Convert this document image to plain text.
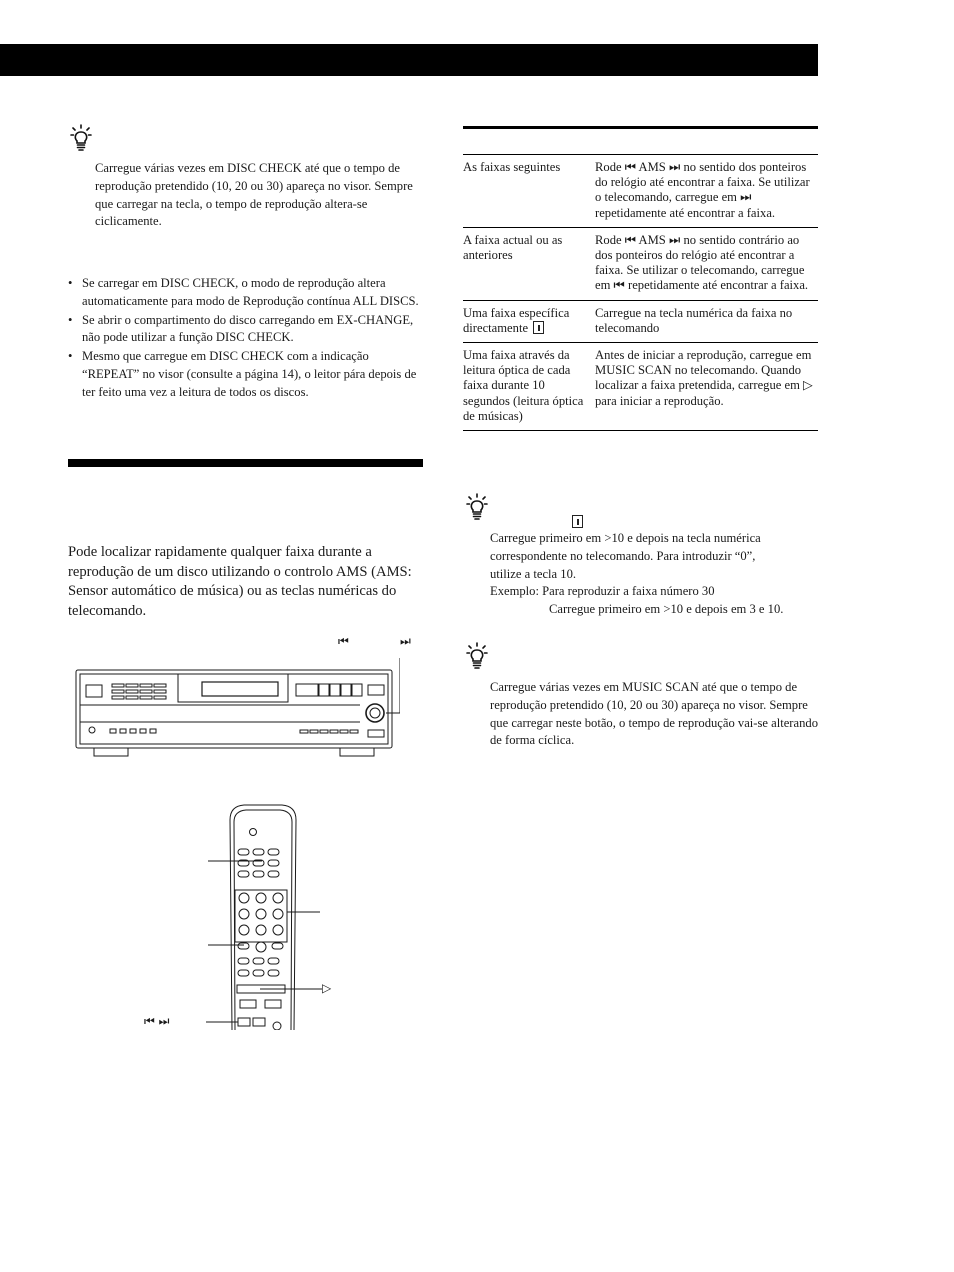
Carregue várias vezes em DISC CHECK até que o tempo de reprodução pretendido (10, 20 ou 30) apareça no visor. Sempre que carregar na tecla, o tempo de reprodução altera-se ciclicamente.
• Se carregar em DISC CHECK, o modo de reprodução altera automaticamente para modo de Reprodução contínua ALL DISCS.
• Se abrir o compartimento do disco carregando em EX-CHANGE, não pode utilizar a função DISC CHECK.
• Mesmo que carregue em DISC CHECK com a indicação “REPEAT” no visor (consulte a página 14), o leitor pára depois de ter feito uma vez a leitura de todos os discos.
Pode localizar rapidamente qualquer faixa durante a reprodução de um disco utilizando o controlo AMS (AMS: Sensor automático de música) ou as teclas numéricas do telecomando.
⏮	⏭
▷
⏮ ⏭
As faixas seguintes	Rode ⏮ AMS ⏭ no sentido dos ponteiros do relógio até encontrar a faixa. Se utilizar o telecomando, carregue em ⏭ repetidamente até encontrar a faixa.
A faixa actual ou as anteriores	Rode ⏮ AMS ⏭ no sentido contrário ao dos ponteiros do relógio até encontrar a faixa. Se utilizar o telecomando, carregue em ⏮ repetidamente até encontrar a faixa.
Uma faixa específica directamente	Carregue na tecla numérica da faixa no telecomando
Uma faixa através da leitura óptica de cada faixa durante 10 segundos (leitura óptica de músicas)	Antes de iniciar a reprodução, carregue em MUSIC SCAN no telecomando. Quando localizar a faixa pretendida, carregue em ▷ para iniciar a reprodução.
Carregue primeiro em >10 e depois na tecla numérica
correspondente no telecomando. Para introduzir “0”,
utilize a tecla 10.
Exemplo: Para reproduzir a faixa número 30
Carregue primeiro em >10 e depois em 3 e 10.
Carregue várias vezes em MUSIC SCAN até que o tempo de reprodução pretendido (10, 20 ou 30) apareça no visor. Sempre que carregar neste botão, o tempo de reprodução vai-se alterando de forma cíclica.
